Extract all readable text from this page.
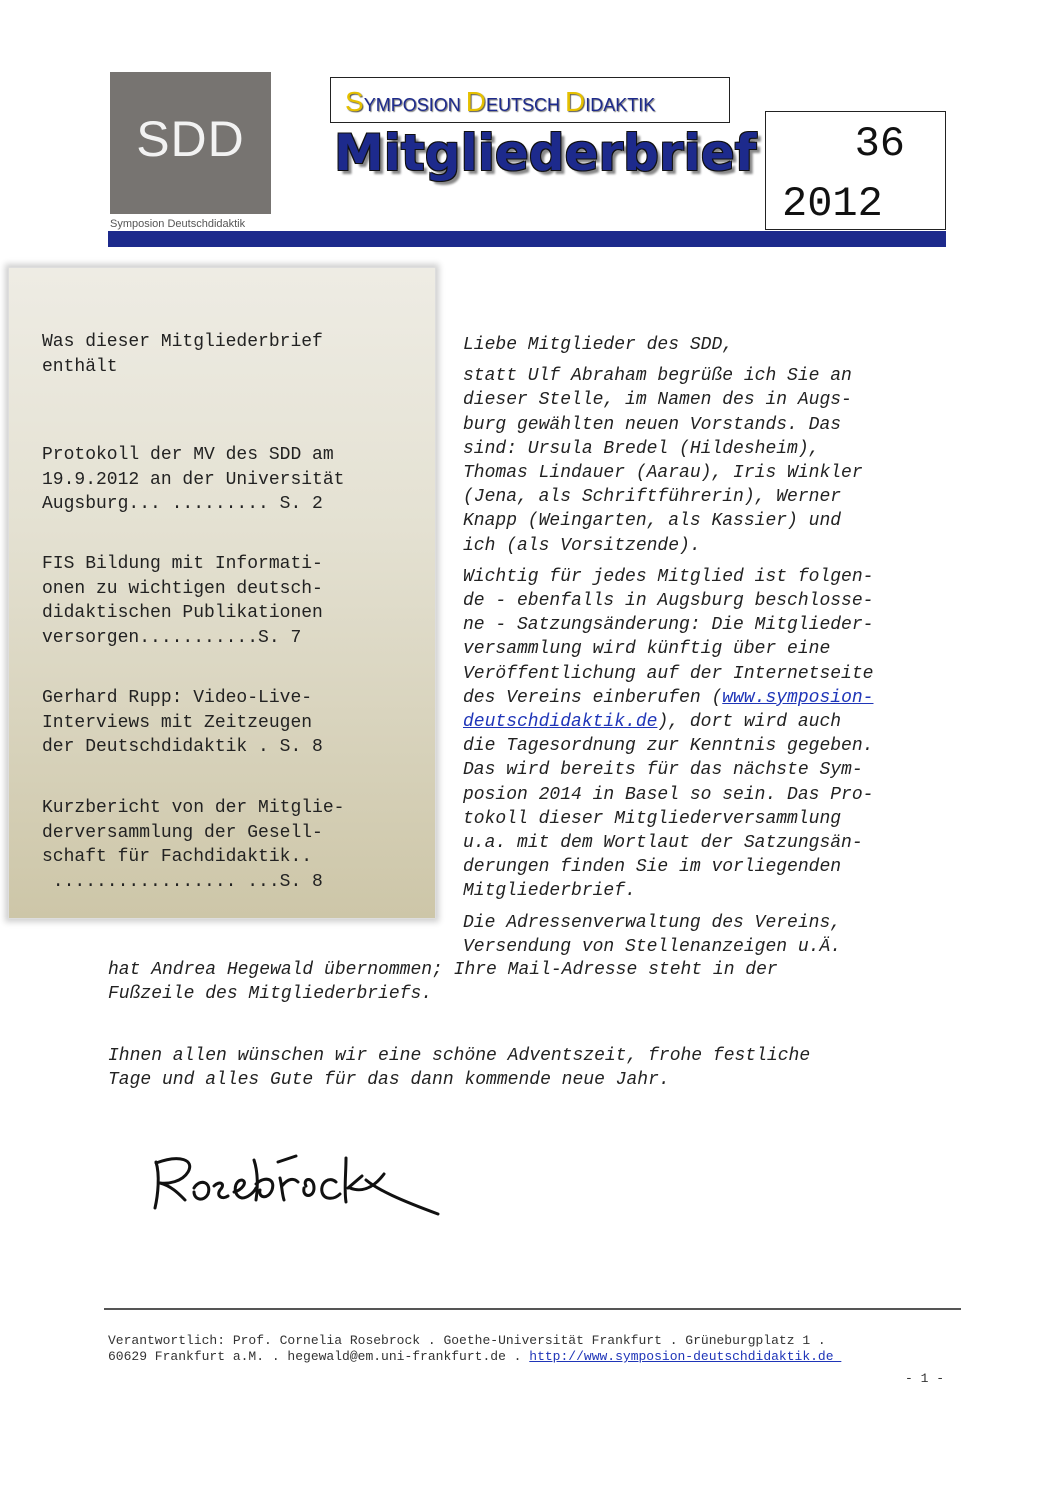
SDD
Symposion Deutschdidaktik
SYMPOSION DEUTSCH DIDAKTIK
Mitgliederbrief 36
2012
Was dieser Mitgliederbrief
enthält
Protokoll der MV des SDD am
19.9.2012 an der Universität
Augsburg... ......... S. 2
FIS Bildung mit Informati-
onen zu wichtigen deutsch-
didaktischen Publikationen
versorgen...........S. 7
Gerhard Rupp: Video-Live-
Interviews mit Zeitzeugen
der Deutschdidaktik . S. 8
Kurzbericht von der Mitglie-
derversammlung der Gesell-
schaft für Fachdidaktik..
................. ...S. 8
Liebe Mitglieder des SDD,
statt Ulf Abraham begrüße ich Sie an
dieser Stelle, im Namen des in Augs-
burg gewählten neuen Vorstands. Das
sind: Ursula Bredel (Hildesheim),
Thomas Lindauer (Aarau), Iris Winkler
(Jena, als Schriftführerin), Werner
Knapp (Weingarten, als Kassier) und
ich (als Vorsitzende).
Wichtig für jedes Mitglied ist folgen-
de - ebenfalls in Augsburg beschlosse-
ne - Satzungsänderung: Die Mitglieder-
versammlung wird künftig über eine
Veröffentlichung auf der Internetseite
des Vereins einberufen (www.symposion-
deutschdidaktik.de), dort wird auch
die Tagesordnung zur Kenntnis gegeben.
Das wird bereits für das nächste Sym-
posion 2014 in Basel so sein. Das Pro-
tokoll dieser Mitgliederversammlung
u.a. mit dem Wortlaut der Satzungsän-
derungen finden Sie im vorliegenden
Mitgliederbrief.
Die Adressenverwaltung des Vereins,
Versendung von Stellenanzeigen u.Ä.
hat Andrea Hegewald übernommen; Ihre Mail-Adresse steht in der
Fußzeile des Mitgliederbriefs.
Ihnen allen wünschen wir eine schöne Adventszeit, frohe festliche
Tage und alles Gute für das dann kommende neue Jahr.
Verantwortlich: Prof. Cornelia Rosebrock . Goethe-Universität Frankfurt . Grüneburgplatz 1 .
60629 Frankfurt a.M. . hegewald@em.uni-frankfurt.de . http://www.symposion-deutschdidaktik.de
- 1 -
